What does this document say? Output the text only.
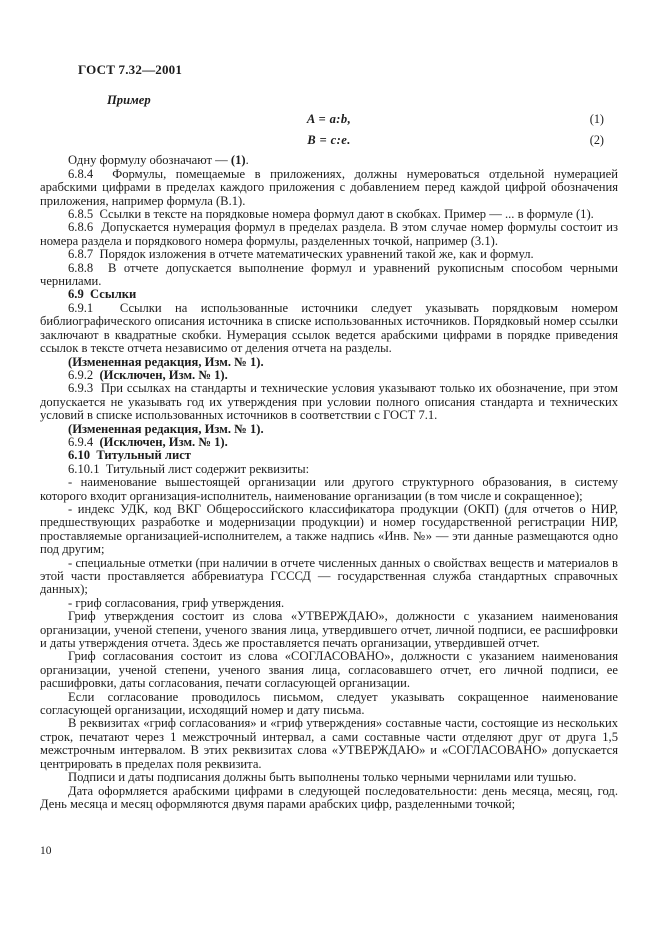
ГОСТ 7.32—2001

Пример

A = a:b,	(1)
B = c:e.	(2)

Одну формулу обозначают — (1).

6.8.4  Формулы, помещаемые в приложениях, должны нумероваться отдельной нумерацией арабскими цифрами в пределах каждого приложения с добавлением перед каждой цифрой обозначения приложения, например формула (В.1).

6.8.5  Ссылки в тексте на порядковые номера формул дают в скобках. Пример — ... в формуле (1).

6.8.6  Допускается нумерация формул в пределах раздела. В этом случае номер формулы состоит из номера раздела и порядкового номера формулы, разделенных точкой, например (3.1).

6.8.7  Порядок изложения в отчете математических уравнений такой же, как и формул.

6.8.8  В отчете допускается выполнение формул и уравнений рукописным способом черными чернилами.

6.9  Ссылки

6.9.1  Ссылки на использованные источники следует указывать порядковым номером библиографического описания источника в списке использованных источников. Порядковый номер ссылки заключают в квадратные скобки. Нумерация ссылок ведется арабскими цифрами в порядке приведения ссылок в тексте отчета независимо от деления отчета на разделы.

(Измененная редакция, Изм. № 1).

6.9.2  (Исключен, Изм. № 1).

6.9.3  При ссылках на стандарты и технические условия указывают только их обозначение, при этом допускается не указывать год их утверждения при условии полного описания стандарта и технических условий в списке использованных источников в соответствии с ГОСТ 7.1.

(Измененная редакция, Изм. № 1).

6.9.4  (Исключен, Изм. № 1).

6.10  Титульный лист

6.10.1  Титульный лист содержит реквизиты:

- наименование вышестоящей организации или другого структурного образования, в систему которого входит организация-исполнитель, наименование организации (в том числе и сокращенное);

- индекс УДК, код ВКГ Общероссийского классификатора продукции (ОКП) (для отчетов о НИР, предшествующих разработке и модернизации продукции) и номер государственной регистрации НИР, проставляемые организацией-исполнителем, а также надпись «Инв. №» — эти данные размещаются одно под другим;

- специальные отметки (при наличии в отчете численных данных о свойствах веществ и материалов в этой части проставляется аббревиатура ГСССД — государственная служба стандартных справочных данных);

- гриф согласования, гриф утверждения.

Гриф утверждения состоит из слова «УТВЕРЖДАЮ», должности с указанием наименования организации, ученой степени, ученого звания лица, утвердившего отчет, личной подписи, ее расшифровки и даты утверждения отчета. Здесь же проставляется печать организации, утвердившей отчет.

Гриф согласования состоит из слова «СОГЛАСОВАНО», должности с указанием наименования организации, ученой степени, ученого звания лица, согласовавшего отчет, его личной подписи, ее расшифровки, даты согласования, печати согласующей организации.

Если согласование проводилось письмом, следует указывать сокращенное наименование согласующей организации, исходящий номер и дату письма.

В реквизитах «гриф согласования» и «гриф утверждения» составные части, состоящие из нескольких строк, печатают через 1 межстрочный интервал, а сами составные части отделяют друг от друга 1,5 межстрочным интервалом. В этих реквизитах слова «УТВЕРЖДАЮ» и «СОГЛАСОВАНО» допускается центрировать в пределах поля реквизита.

Подписи и даты подписания должны быть выполнены только черными чернилами или тушью.

Дата оформляется арабскими цифрами в следующей последовательности: день месяца, месяц, год. День месяца и месяц оформляются двумя парами арабских цифр, разделенными точкой;

10
